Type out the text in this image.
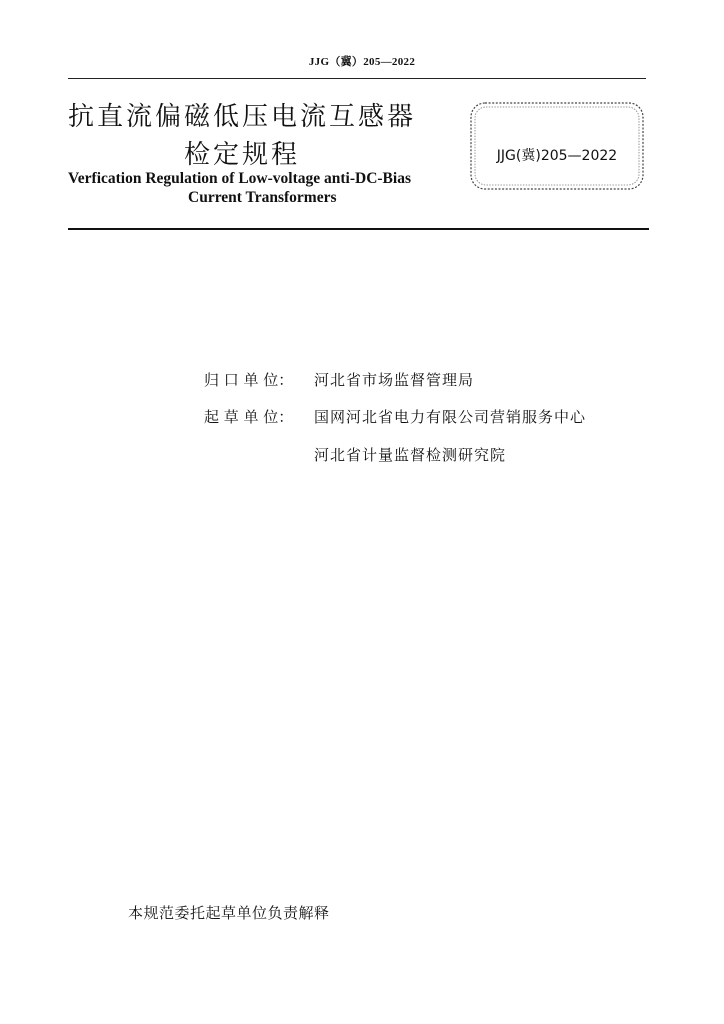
JJG（冀）205—2022
抗直流偏磁低压电流互感器
检定规程
Verfication Regulation of Low-voltage anti-DC-Bias
Current Transformers
JJG(冀)205—2022
归 口 单 位： 河北省市场监督管理局
起 草 单 位： 国网河北省电力有限公司营销服务中心
河北省计量监督检测研究院
本规范委托起草单位负责解释
